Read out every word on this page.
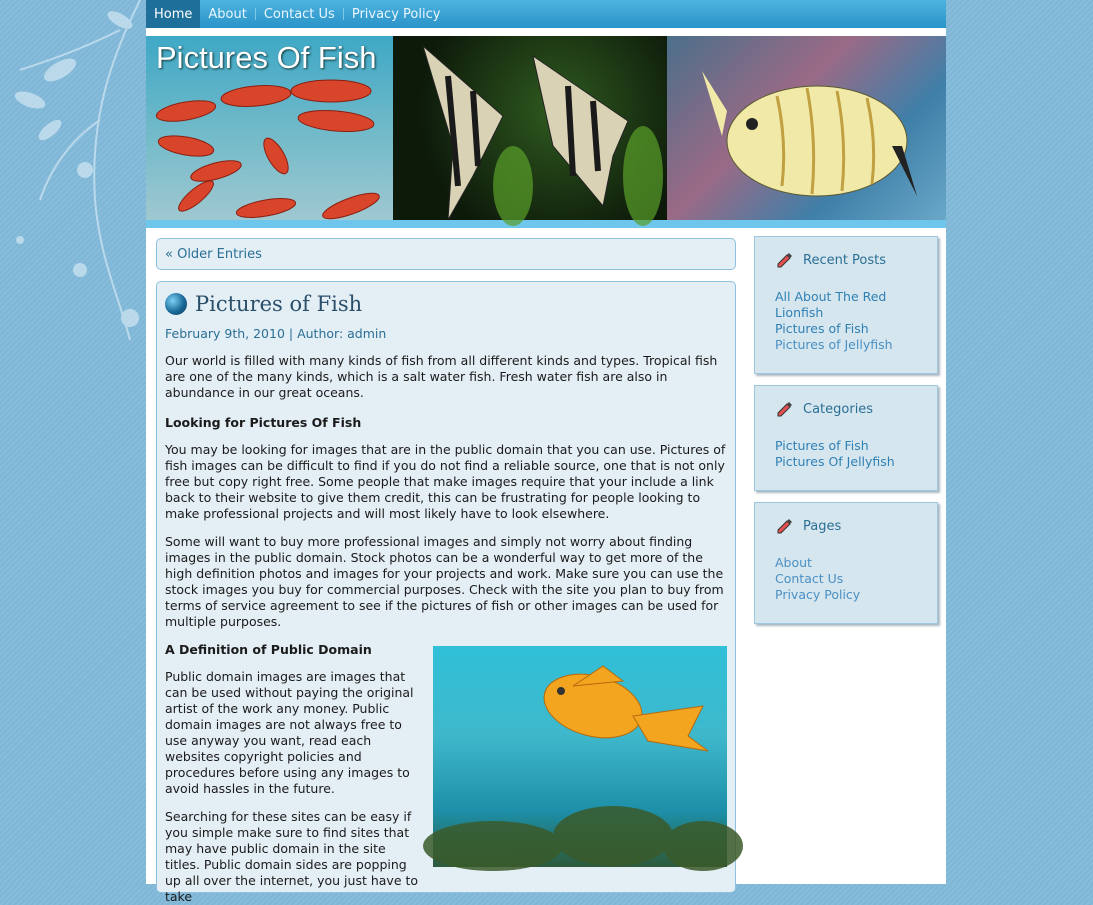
Home	About	Contact Us	Privacy Policy
Pictures Of Fish
« Older Entries
Pictures of Fish
February 9th, 2010 | Author: admin

Our world is filled with many kinds of fish from all different kinds and types. Tropical fish are one of the many kinds, which is a salt water fish. Fresh water fish are also in abundance in our great oceans.

Looking for Pictures Of Fish

You may be looking for images that are in the public domain that you can use. Pictures of fish images can be difficult to find if you do not find a reliable source, one that is not only free but copy right free. Some people that make images require that your include a link back to their website to give them credit, this can be frustrating for people looking to make professional projects and will most likely have to look elsewhere.

Some will want to buy more professional images and simply not worry about finding images in the public domain. Stock photos can be a wonderful way to get more of the high definition photos and images for your projects and work. Make sure you can use the stock images you buy for commercial purposes. Check with the site you plan to buy from terms of service agreement to see if the pictures of fish or other images can be used for multiple purposes.

A Definition of Public Domain

Public domain images are images that can be used without paying the original artist of the work any money. Public domain images are not always free to use anyway you want, read each websites copyright policies and procedures before using any images to avoid hassles in the future.

Searching for these sites can be easy if you simple make sure to find sites that may have public domain in the site titles. Public domain sides are popping up all over the internet, you just have to take

Recent Posts
All About The Red Lionfish
Pictures of Fish
Pictures of Jellyfish
Categories
Pictures of Fish
Pictures Of Jellyfish
Pages
About
Contact Us
Privacy Policy
